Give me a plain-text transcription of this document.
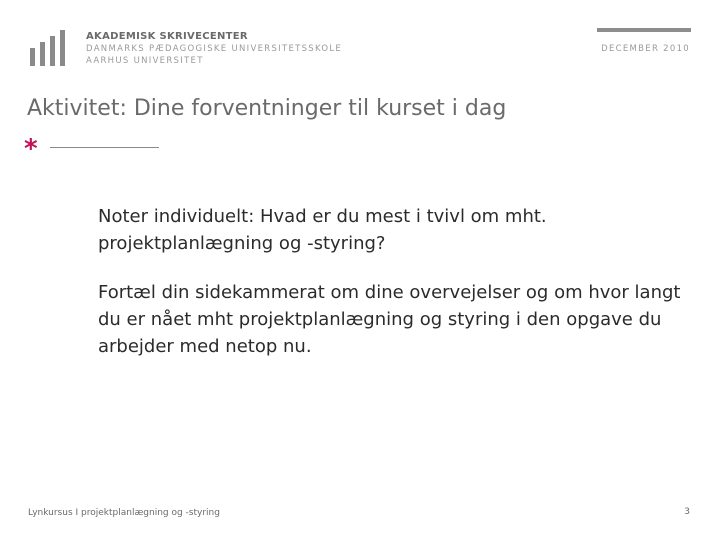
AKADEMISK SKRIVECENTER
DANMARKS PÆDAGOGISKE UNIVERSITETSSKOLE
AARHUS UNIVERSITET
DECEMBER 2010
Aktivitet: Dine forventninger til kurset i dag
*

Noter individuelt: Hvad er du mest i tvivl om mht. projektplanlægning og -styring?

Fortæl din sidekammerat om dine overvejelser og om hvor langt du er nået mht projektplanlægning og styring i den opgave du arbejder med netop nu.

Lynkursus I projektplanlægning og -styring	3
